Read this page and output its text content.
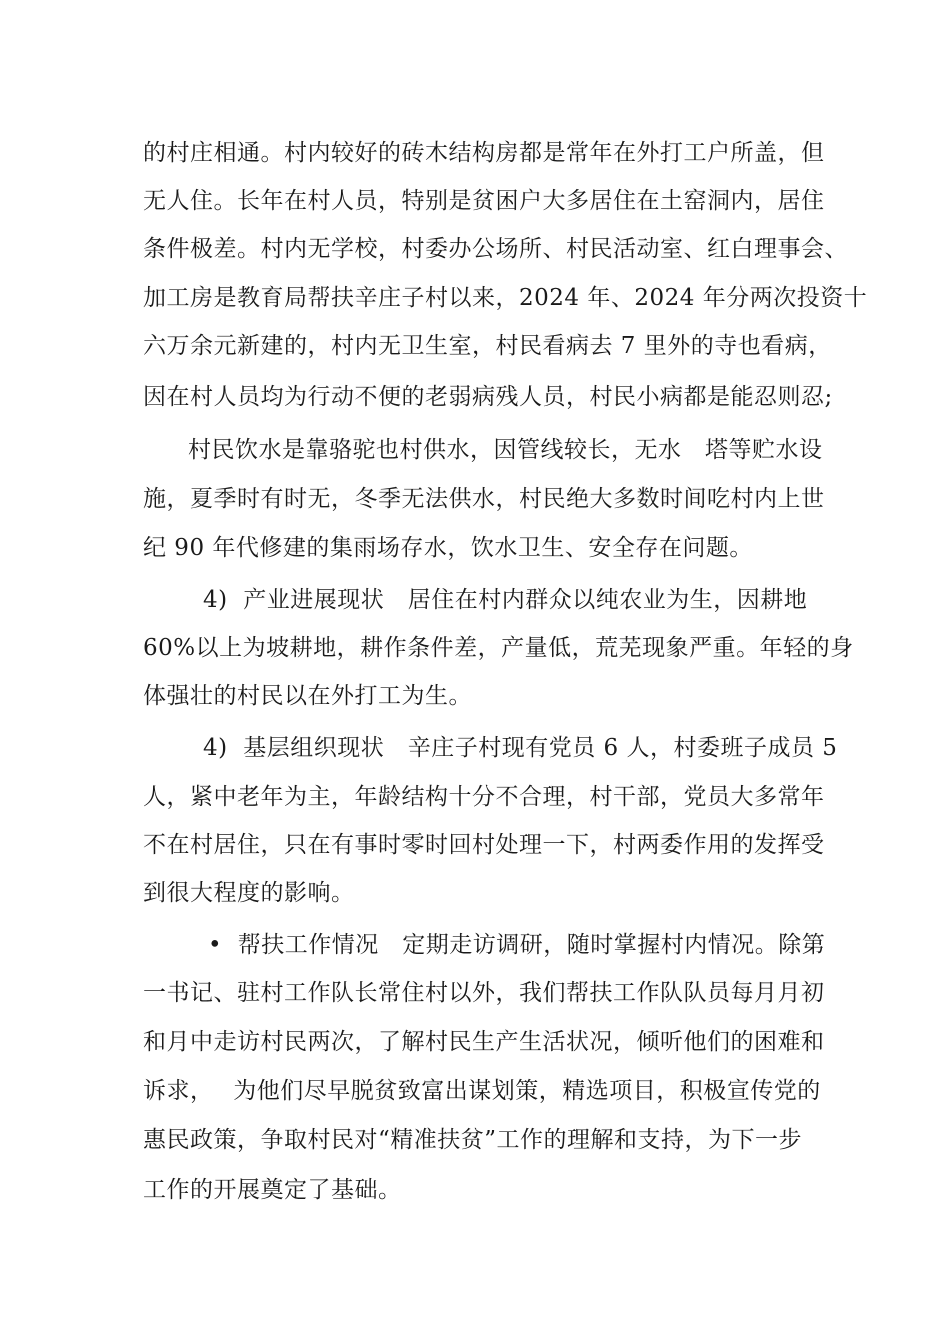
的村庄相通。村内较好的砖木结构房都是常年在外打工户所盖，但
无人住。长年在村人员，特别是贫困户大多居住在土窑洞内，居住
条件极差。村内无学校，村委办公场所、村民活动室、红白理事会、
加工房是教育局帮扶辛庄子村以来，2024 年、2024 年分两次投资十
六万余元新建的，村内无卫生室，村民看病去 7 里外的寺也看病，
因在村人员均为行动不便的老弱病残人员，村民小病都是能忍则忍;
村民饮水是靠骆驼也村供水，因管线较长，无水　塔等贮水设
施，夏季时有时无，冬季无法供水，村民绝大多数时间吃村内上世
纪 90 年代修建的集雨场存水，饮水卫生、安全存在问题。
4)  产业进展现状　居住在村内群众以纯农业为生，因耕地
60%以上为坡耕地，耕作条件差，产量低，荒芜现象严重。年轻的身
体强壮的村民以在外打工为生。
4)  基层组织现状　辛庄子村现有党员 6 人，村委班子成员 5
人，紧中老年为主，年龄结构十分不合理，村干部，党员大多常年
不在村居住，只在有事时零时回村处理一下，村两委作用的发挥受
到很大程度的影响。
•  帮扶工作情况　定期走访调研，随时掌握村内情况。除第
一书记、驻村工作队长常住村以外，我们帮扶工作队队员每月月初
和月中走访村民两次，了解村民生产生活状况，倾听他们的困难和
诉求，　 为他们尽早脱贫致富出谋划策，精选项目，积极宣传党的
惠民政策，争取村民对“精准扶贫”工作的理解和支持，为下一步
工作的开展奠定了基础。
